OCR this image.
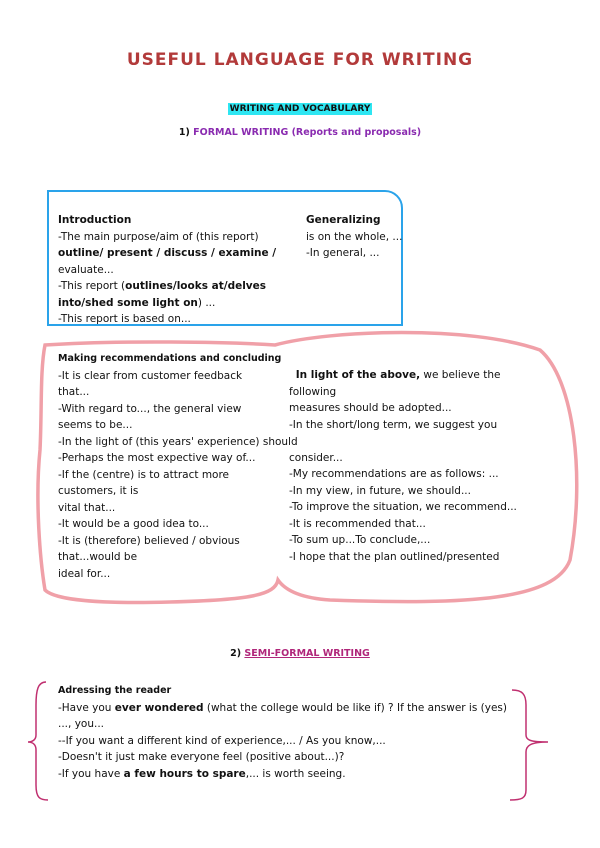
USEFUL LANGUAGE FOR WRITING
WRITING AND VOCABULARY
1) FORMAL WRITING (Reports and proposals)
Introduction
-The main purpose/aim of (this report)
outline/ present / discuss / examine /
evaluate...
-This report (outlines/looks at/delves
into/shed some light on) ...
-This report is based on...
Generalizing
is on the whole, ...
-In general, ...
Making recommendations and concluding
-It is clear from customer feedback
that...
-With regard to..., the general view
seems to be...
-In the light of (this years' experience) should
-Perhaps the most expective way of...
-If the (centre) is to attract more
customers, it is
vital that...
-It would be a good idea to...
-It is (therefore) believed / obvious
that...would be
ideal for...
In light of the above, we believe the
following
measures should be adopted...
-In the short/long term, we suggest you

consider...
-My recommendations are as follows: ...
-In my view, in future, we should...
-To improve the situation, we recommend...
-It is recommended that...
-To sum up...To conclude,...
-I hope that the plan outlined/presented
2) SEMI-FORMAL WRITING
Adressing the reader
-Have you ever wondered (what the college would be like if) ? If the answer is (yes)
..., you...
--If you want a different kind of experience,... / As you know,...
-Doesn't it just make everyone feel (positive about...)?
-If you have a few hours to spare,... is worth seeing.
